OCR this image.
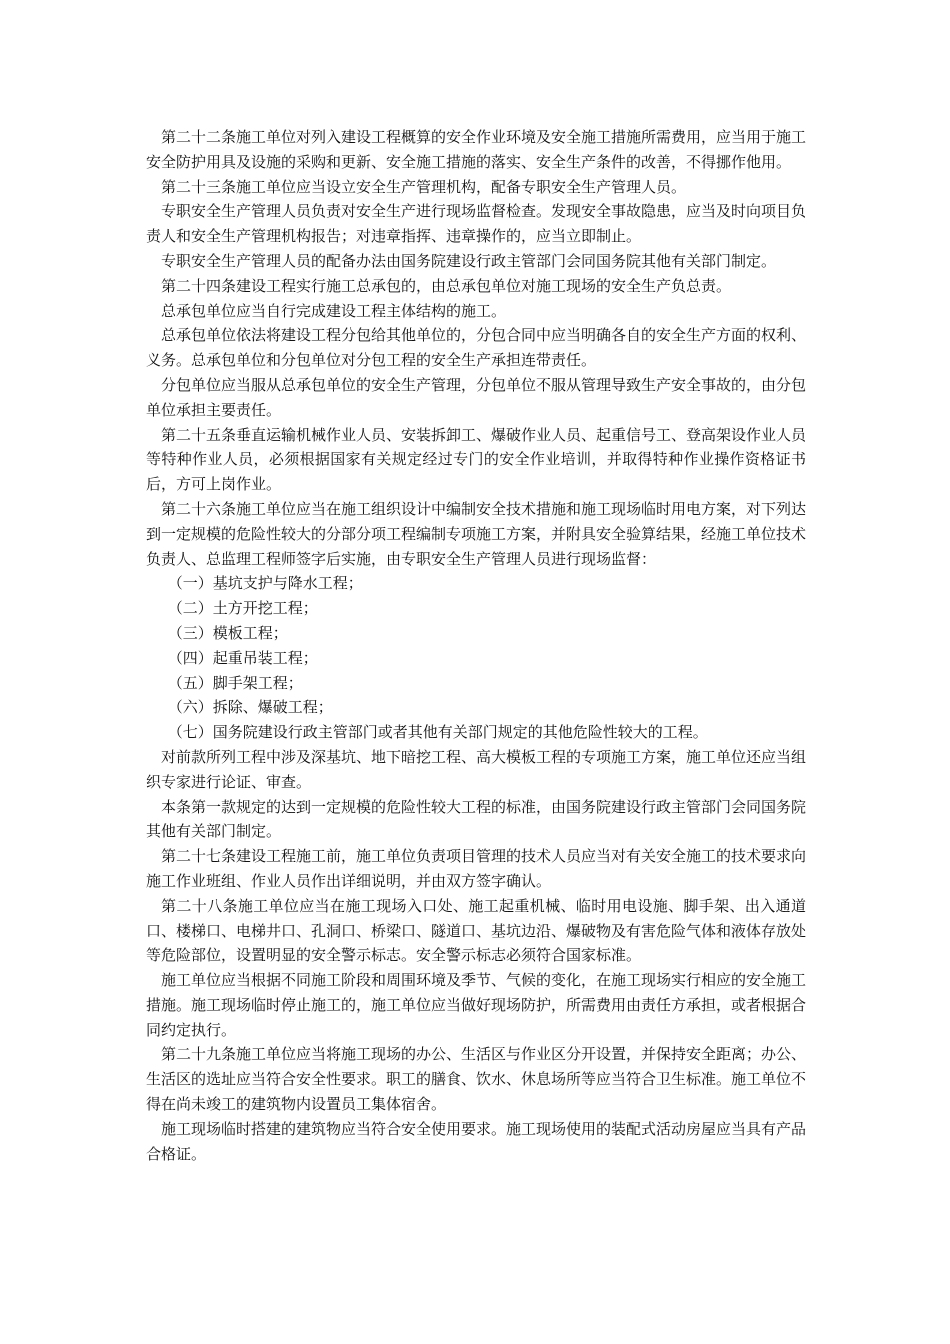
第二十二条施工单位对列入建设工程概算的安全作业环境及安全施工措施所需费用，应当用于施工安全防护用具及设施的采购和更新、安全施工措施的落实、安全生产条件的改善，不得挪作他用。

第二十三条施工单位应当设立安全生产管理机构，配备专职安全生产管理人员。

专职安全生产管理人员负责对安全生产进行现场监督检查。发现安全事故隐患，应当及时向项目负责人和安全生产管理机构报告；对违章指挥、违章操作的，应当立即制止。

专职安全生产管理人员的配备办法由国务院建设行政主管部门会同国务院其他有关部门制定。

第二十四条建设工程实行施工总承包的，由总承包单位对施工现场的安全生产负总责。

总承包单位应当自行完成建设工程主体结构的施工。

总承包单位依法将建设工程分包给其他单位的，分包合同中应当明确各自的安全生产方面的权利、义务。总承包单位和分包单位对分包工程的安全生产承担连带责任。

分包单位应当服从总承包单位的安全生产管理，分包单位不服从管理导致生产安全事故的，由分包单位承担主要责任。

第二十五条垂直运输机械作业人员、安装拆卸工、爆破作业人员、起重信号工、登高架设作业人员等特种作业人员，必须根据国家有关规定经过专门的安全作业培训，并取得特种作业操作资格证书后，方可上岗作业。

第二十六条施工单位应当在施工组织设计中编制安全技术措施和施工现场临时用电方案，对下列达到一定规模的危险性较大的分部分项工程编制专项施工方案，并附具安全验算结果，经施工单位技术负责人、总监理工程师签字后实施，由专职安全生产管理人员进行现场监督：

（一）基坑支护与降水工程；

（二）土方开挖工程；

（三）模板工程；

（四）起重吊装工程；

（五）脚手架工程；

（六）拆除、爆破工程；

（七）国务院建设行政主管部门或者其他有关部门规定的其他危险性较大的工程。

对前款所列工程中涉及深基坑、地下暗挖工程、高大模板工程的专项施工方案，施工单位还应当组织专家进行论证、审查。

本条第一款规定的达到一定规模的危险性较大工程的标准，由国务院建设行政主管部门会同国务院其他有关部门制定。

第二十七条建设工程施工前，施工单位负责项目管理的技术人员应当对有关安全施工的技术要求向施工作业班组、作业人员作出详细说明，并由双方签字确认。

第二十八条施工单位应当在施工现场入口处、施工起重机械、临时用电设施、脚手架、出入通道口、楼梯口、电梯井口、孔洞口、桥梁口、隧道口、基坑边沿、爆破物及有害危险气体和液体存放处等危险部位，设置明显的安全警示标志。安全警示标志必须符合国家标准。

施工单位应当根据不同施工阶段和周围环境及季节、气候的变化，在施工现场实行相应的安全施工措施。施工现场临时停止施工的，施工单位应当做好现场防护，所需费用由责任方承担，或者根据合同约定执行。

第二十九条施工单位应当将施工现场的办公、生活区与作业区分开设置，并保持安全距离；办公、生活区的选址应当符合安全性要求。职工的膳食、饮水、休息场所等应当符合卫生标准。施工单位不得在尚未竣工的建筑物内设置员工集体宿舍。

施工现场临时搭建的建筑物应当符合安全使用要求。施工现场使用的装配式活动房屋应当具有产品合格证。
